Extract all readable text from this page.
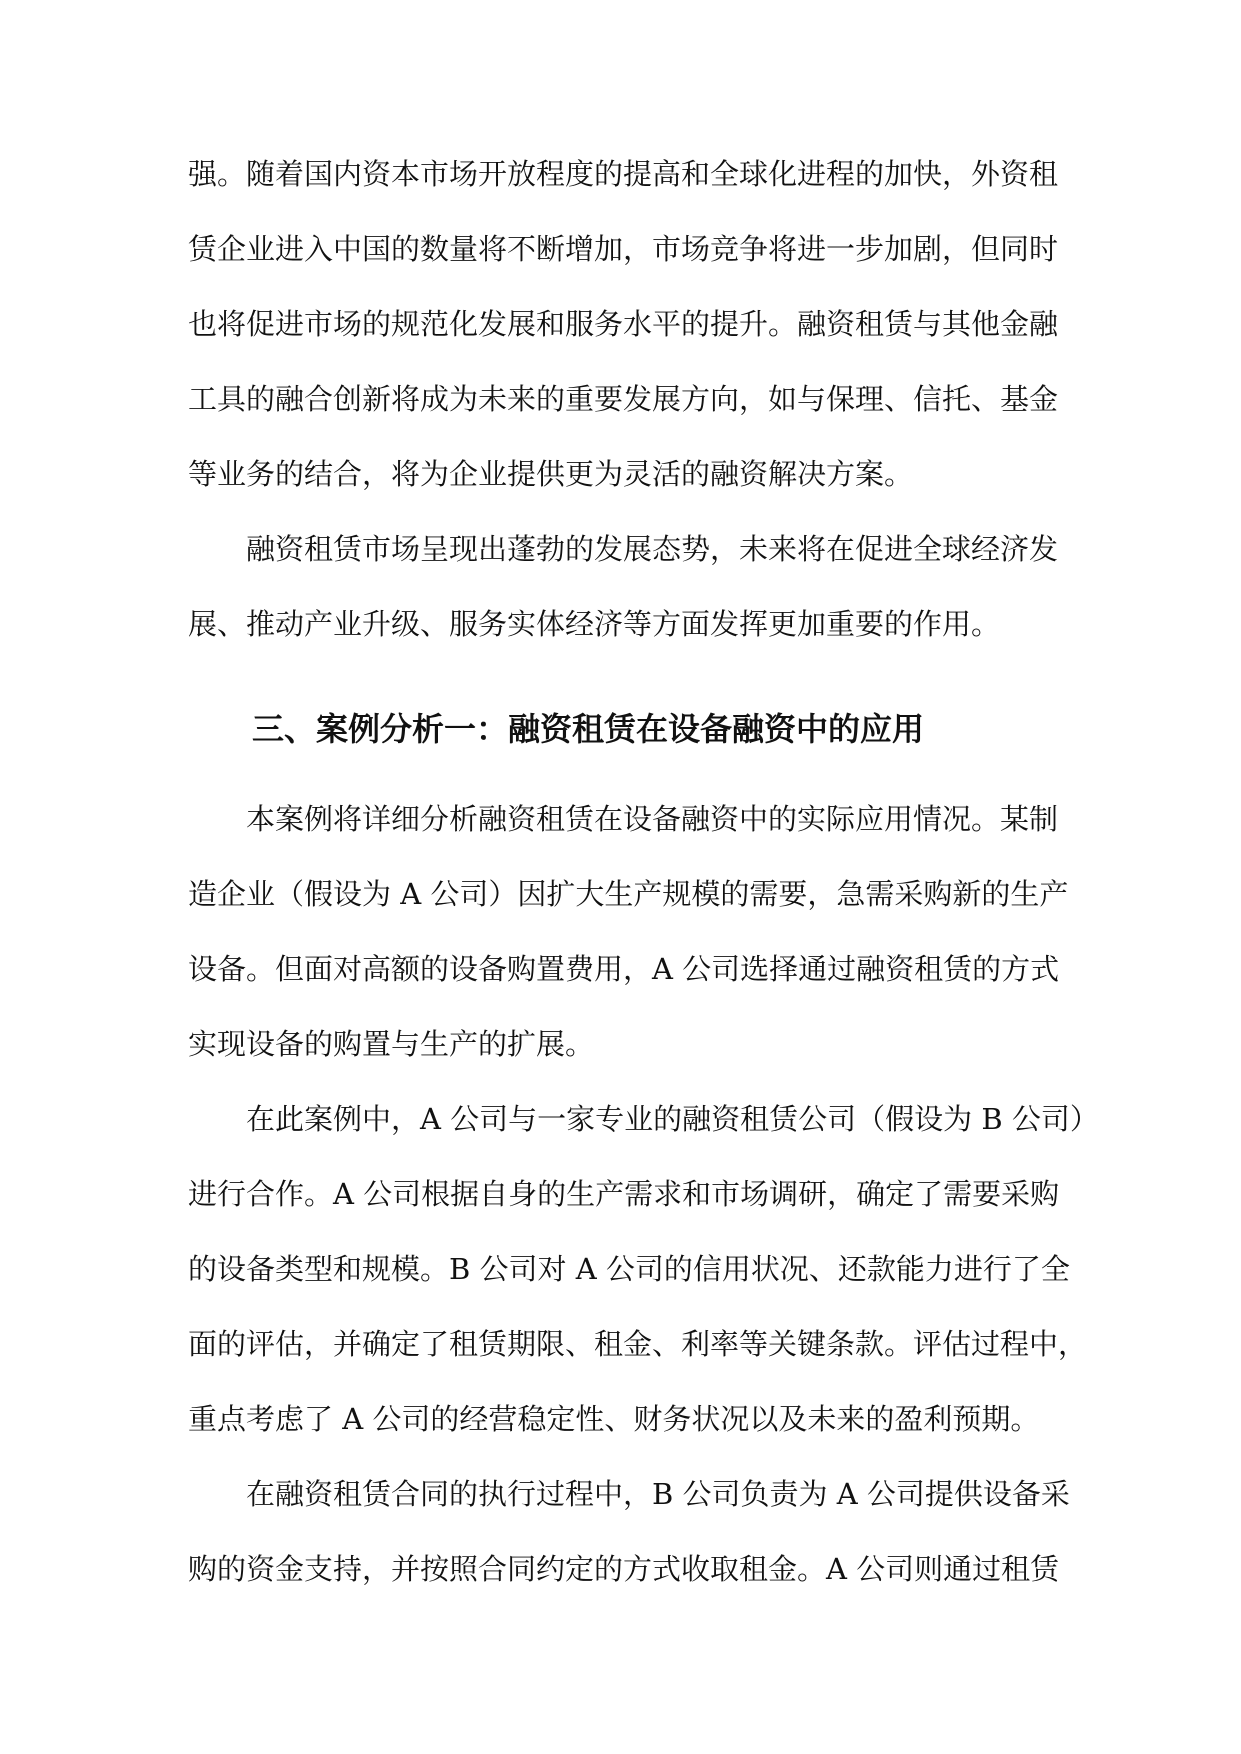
强。随着国内资本市场开放程度的提高和全球化进程的加快，外资租
赁企业进入中国的数量将不断增加，市场竞争将进一步加剧，但同时
也将促进市场的规范化发展和服务水平的提升。融资租赁与其他金融
工具的融合创新将成为未来的重要发展方向，如与保理、信托、基金
等业务的结合，将为企业提供更为灵活的融资解决方案。
融资租赁市场呈现出蓬勃的发展态势，未来将在促进全球经济发
展、推动产业升级、服务实体经济等方面发挥更加重要的作用。
三、案例分析一：融资租赁在设备融资中的应用
本案例将详细分析融资租赁在设备融资中的实际应用情况。某制
造企业（假设为 A 公司）因扩大生产规模的需要，急需采购新的生产
设备。但面对高额的设备购置费用，A 公司选择通过融资租赁的方式
实现设备的购置与生产的扩展。
在此案例中，A 公司与一家专业的融资租赁公司（假设为 B 公司）
进行合作。A 公司根据自身的生产需求和市场调研，确定了需要采购
的设备类型和规模。B 公司对 A 公司的信用状况、还款能力进行了全
面的评估，并确定了租赁期限、租金、利率等关键条款。评估过程中，
重点考虑了 A 公司的经营稳定性、财务状况以及未来的盈利预期。
在融资租赁合同的执行过程中，B 公司负责为 A 公司提供设备采
购的资金支持，并按照合同约定的方式收取租金。A 公司则通过租赁
